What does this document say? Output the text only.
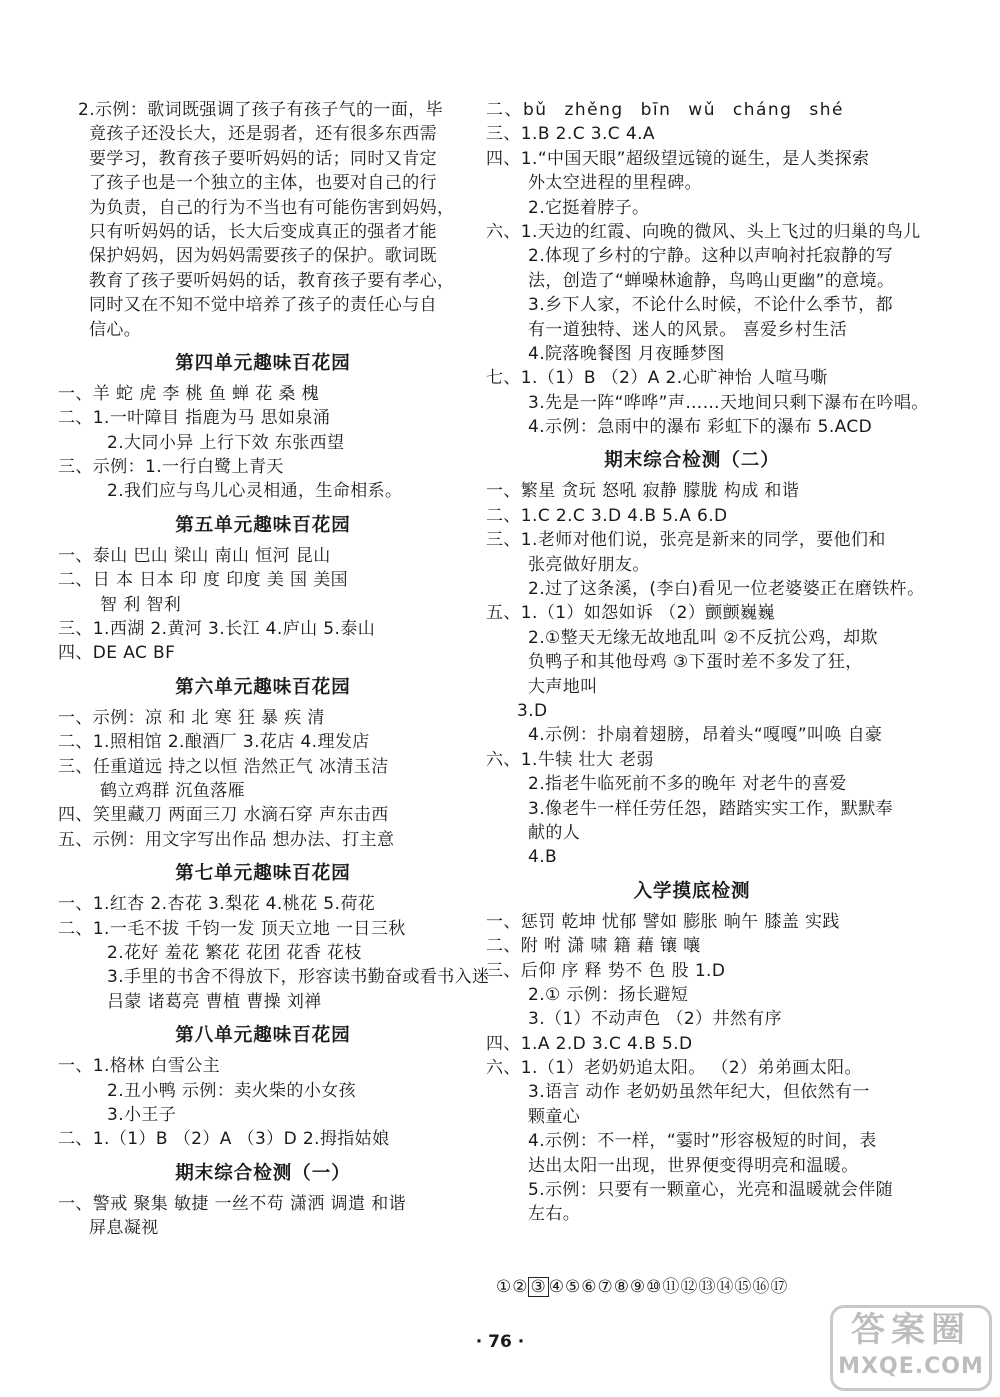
2.示例：歌词既强调了孩子有孩子气的一面，毕
竟孩子还没长大，还是弱者，还有很多东西需
要学习，教育孩子要听妈妈的话；同时又肯定
了孩子也是一个独立的主体，也要对自己的行
为负责，自己的行为不当也有可能伤害到妈妈，
只有听妈妈的话，长大后变成真正的强者才能
保护妈妈，因为妈妈需要孩子的保护。歌词既
教育了孩子要听妈妈的话，教育孩子要有孝心，
同时又在不知不觉中培养了孩子的责任心与自
信心。
第四单元趣味百花园
一、羊 蛇 虎 李 桃 鱼 蝉 花 桑 槐
二、1.一叶障目 指鹿为马 思如泉涌
2.大同小异 上行下效 东张西望
三、示例：1.一行白鹭上青天
2.我们应与鸟儿心灵相通，生命相系。
第五单元趣味百花园
一、泰山 巴山 梁山 南山 恒河 昆山
二、日 本 日本 印 度 印度 美 国 美国
智 利 智利
三、1.西湖 2.黄河 3.长江 4.庐山 5.泰山
四、DE AC BF
第六单元趣味百花园
一、示例：凉 和 北 寒 狂 暴 疾 清
二、1.照相馆 2.酿酒厂 3.花店 4.理发店
三、任重道远 持之以恒 浩然正气 冰清玉洁
鹤立鸡群 沉鱼落雁
四、笑里藏刀 两面三刀 水滴石穿 声东击西
五、示例：用文字写出作品 想办法、打主意
第七单元趣味百花园
一、1.红杏 2.杏花 3.梨花 4.桃花 5.荷花
二、1.一毛不拔 千钧一发 顶天立地 一日三秋
2.花好 羞花 繁花 花团 花香 花枝
3.手里的书舍不得放下，形容读书勤奋或看书入迷
吕蒙 诸葛亮 曹植 曹操 刘禅
第八单元趣味百花园
一、1.格林 白雪公主
2.丑小鸭 示例：卖火柴的小女孩
3.小王子
二、1.（1）B （2）A （3）D 2.拇指姑娘
期末综合检测（一）
一、警戒 聚集 敏捷 一丝不苟 潇洒 调遣 和谐
屏息凝视
二、bǔ zhěng bīn wǔ cháng shé
三、1.B 2.C 3.C 4.A
四、1.“中国天眼”超级望远镜的诞生，是人类探索
外太空进程的里程碑。
2.它挺着脖子。
六、1.天边的红霞、向晚的微风、头上飞过的归巢的鸟儿
2.体现了乡村的宁静。这种以声响衬托寂静的写
法，创造了“蝉噪林逾静，鸟鸣山更幽”的意境。
3.乡下人家，不论什么时候，不论什么季节，都
有一道独特、迷人的风景。 喜爱乡村生活
4.院落晚餐图 月夜睡梦图
七、1.（1）B （2）A 2.心旷神怡 人喧马嘶
3.先是一阵“哗哗”声……天地间只剩下瀑布在吟唱。
4.示例：急雨中的瀑布 彩虹下的瀑布 5.ACD
期末综合检测（二）
一、繁星 贪玩 怒吼 寂静 朦胧 构成 和谐
二、1.C 2.C 3.D 4.B 5.A 6.D
三、1.老师对他们说，张亮是新来的同学，要他们和
张亮做好朋友。
2.过了这条溪，(李白)看见一位老婆婆正在磨铁杵。
五、1.（1）如怨如诉 （2）颤颤巍巍
2.①整天无缘无故地乱叫 ②不反抗公鸡，却欺
负鸭子和其他母鸡 ③下蛋时差不多发了狂，
大声地叫
3.D
4.示例：扑扇着翅膀，昂着头“嘎嘎”叫唤 自豪
六、1.牛犊 壮大 老弱
2.指老牛临死前不多的晚年 对老牛的喜爱
3.像老牛一样任劳任怨，踏踏实实工作，默默奉
献的人
4.B
入学摸底检测
一、惩罚 乾坤 忧郁 譬如 膨胀 晌午 膝盖 实践
二、附 咐 潇 啸 籍 藉 镶 嚷
三、后仰 序 释 势不 色 股 1.D
2.① 示例：扬长避短
3.（1）不动声色 （2）井然有序
四、1.A 2.D 3.C 4.B 5.D
六、1.（1）老奶奶追太阳。 （2）弟弟画太阳。
3.语言 动作 老奶奶虽然年纪大，但依然有一
颗童心
4.示例：不一样，“霎时”形容极短的时间，表
达出太阳一出现，世界便变得明亮和温暖。
5.示例：只要有一颗童心，光亮和温暖就会伴随
左右。
①② ③ ④⑤⑥⑦⑧⑨⑩⑪⑫⑬⑭⑮⑯⑰
· 76 ·	答案圈
MXQE.COM
